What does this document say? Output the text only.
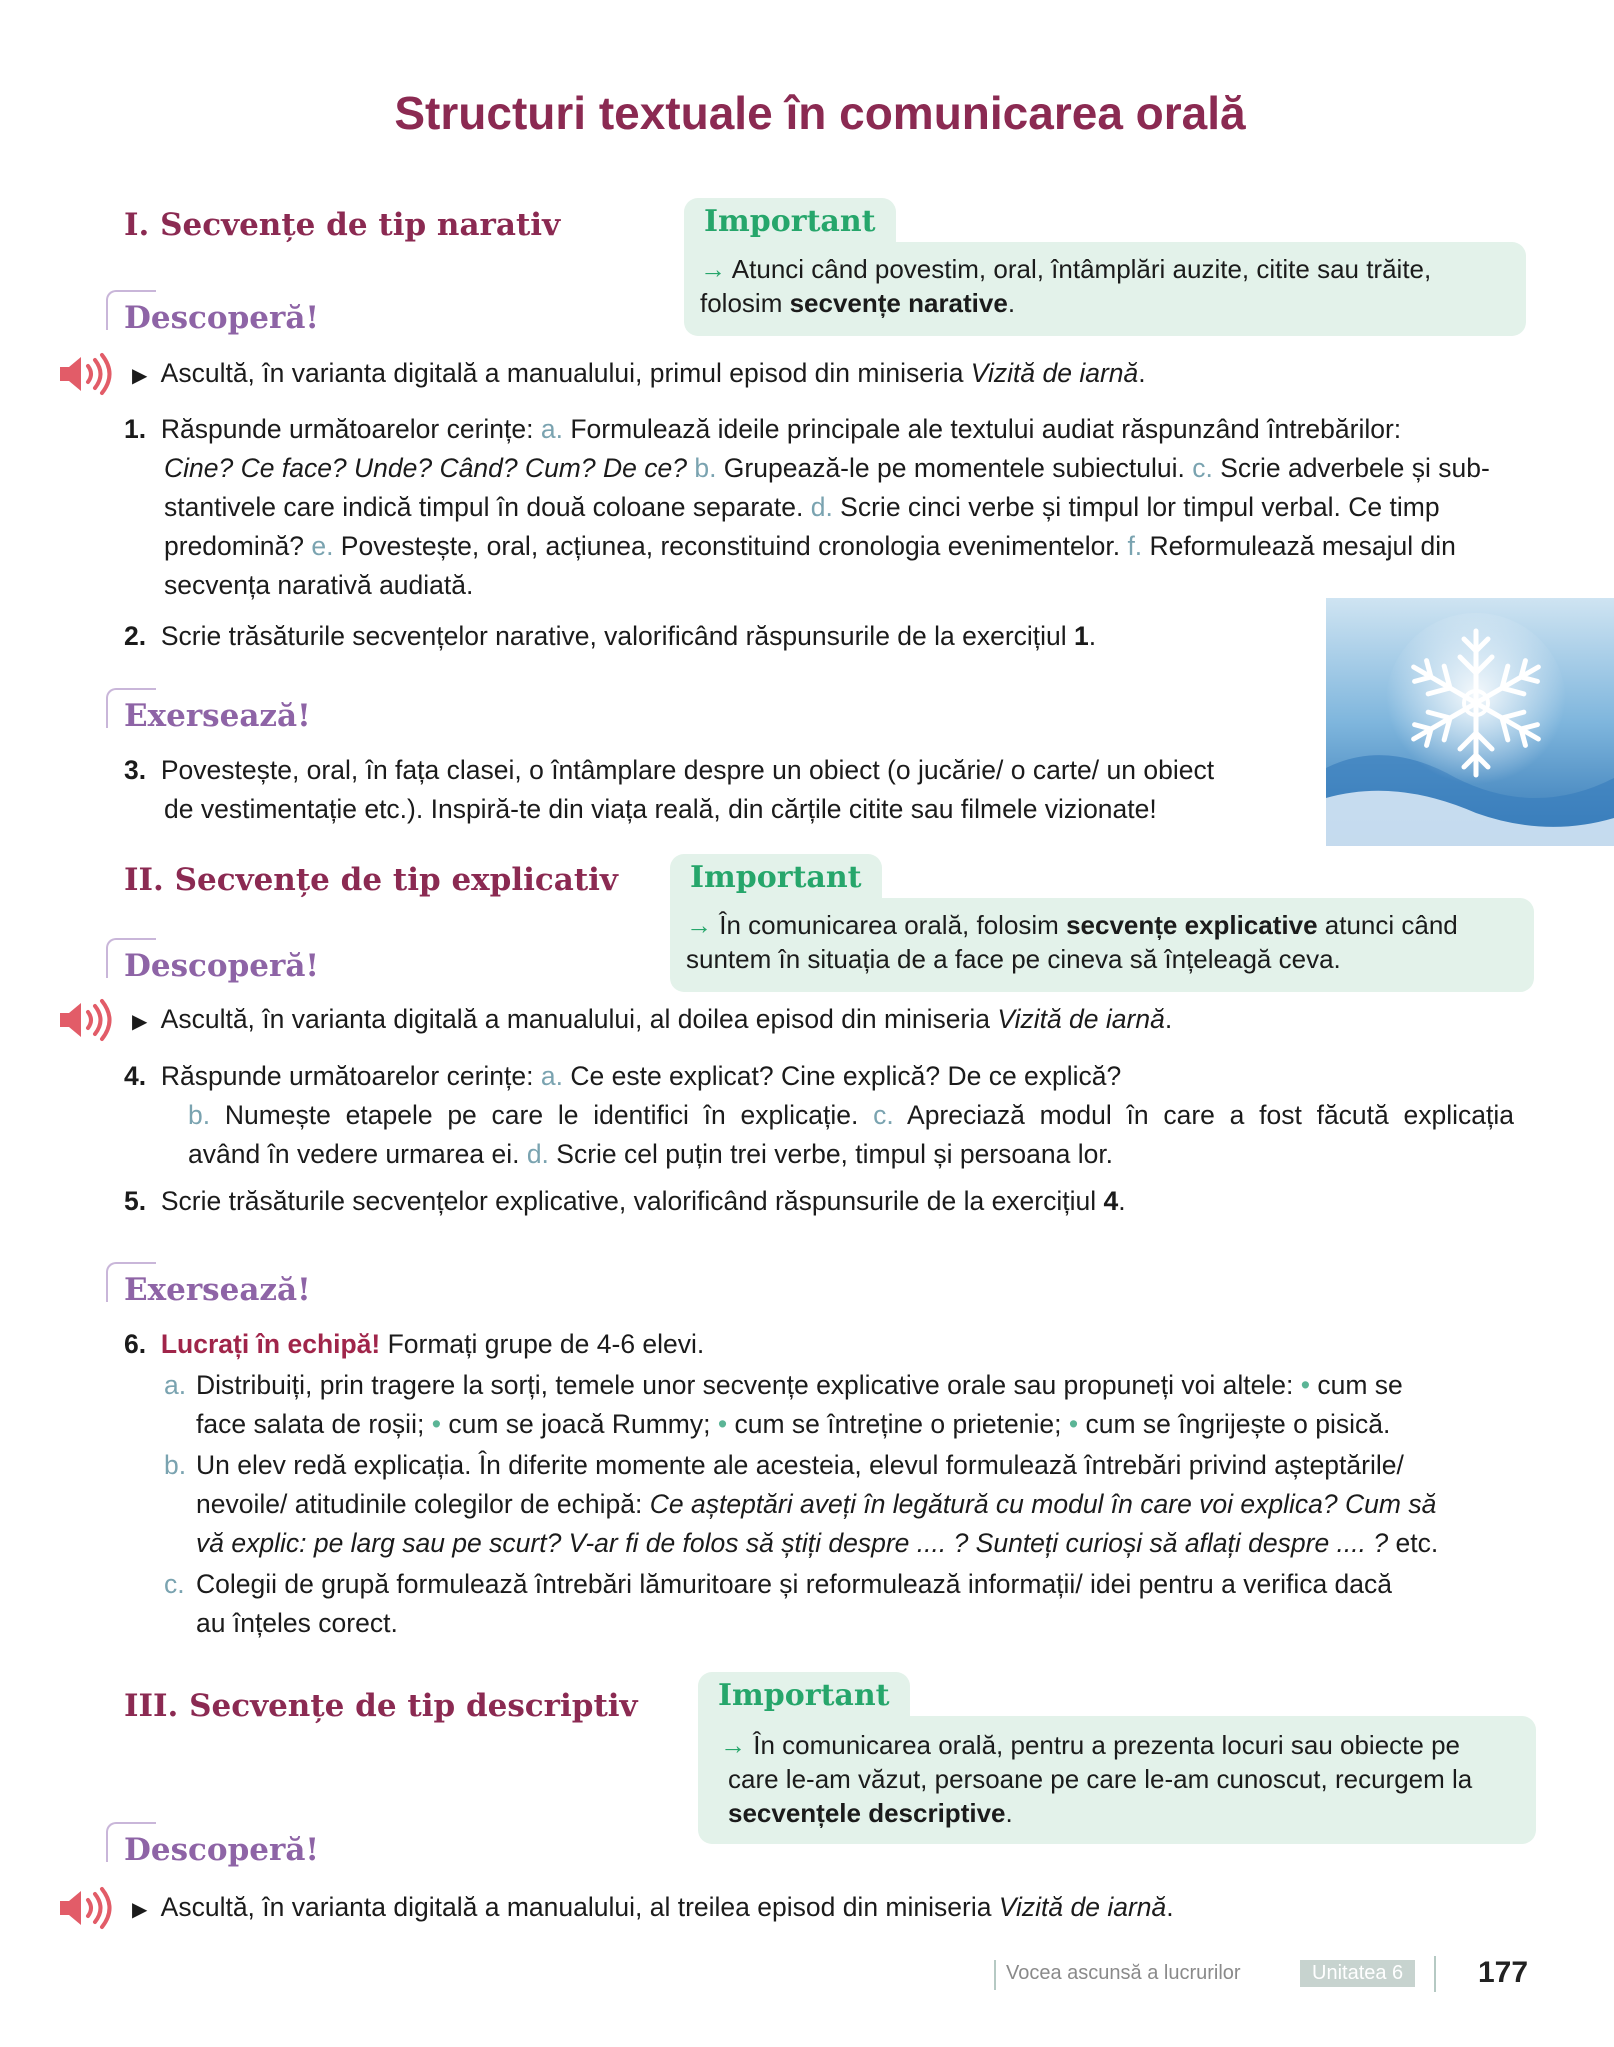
Structuri textuale în comunicarea orală
I. Secvențe de tip narativ	Important
→ Atunci când povestim, oral, întâmplări auzite, citite sau trăite, folosim secvențe narative.
Descoperă!
▶ Ascultă, în varianta digitală a manualului, primul episod din miniseria Vizită de iarnă.
1. Răspunde următoarelor cerințe: a. Formulează ideile principale ale textului audiat răspunzând întrebărilor:
Cine? Ce face? Unde? Când? Cum? De ce? b. Grupează-le pe momentele subiectului. c. Scrie adverbele și sub-
stantivele care indică timpul în două coloane separate. d. Scrie cinci verbe și timpul lor timpul verbal. Ce timp
predomină? e. Povestește, oral, acțiunea, reconstituind cronologia evenimentelor. f. Reformulează mesajul din
secvența narativă audiată.
2. Scrie trăsăturile secvențelor narative, valorificând răspunsurile de la exercițiul 1.
Exersează!
3. Povestește, oral, în fața clasei, o întâmplare despre un obiect (o jucărie/ o carte/ un obiect
de vestimentație etc.). Inspiră-te din viața reală, din cărțile citite sau filmele vizionate!
II. Secvențe de tip explicativ	Important
→ În comunicarea orală, folosim secvențe explicative atunci când suntem în situația de a face pe cineva să înțeleagă ceva.
Descoperă!
▶ Ascultă, în varianta digitală a manualului, al doilea episod din miniseria Vizită de iarnă.
4. Răspunde următoarelor cerințe: a. Ce este explicat? Cine explică? De ce explică?
b. Numește etapele pe care le identifici în explicație. c. Apreciază modul în care a fost făcută explicația
având în vedere urmarea ei. d. Scrie cel puțin trei verbe, timpul și persoana lor.
5. Scrie trăsăturile secvențelor explicative, valorificând răspunsurile de la exercițiul 4.
Exersează!
6. Lucrați în echipă! Formați grupe de 4-6 elevi.
a. Distribuiți, prin tragere la sorți, temele unor secvențe explicative orale sau propuneți voi altele: • cum se
face salata de roșii; • cum se joacă Rummy; • cum se întreține o prietenie; • cum se îngrijește o pisică.
b. Un elev redă explicația. În diferite momente ale acesteia, elevul formulează întrebări privind așteptările/
nevoile/ atitudinile colegilor de echipă: Ce așteptări aveți în legătură cu modul în care voi explica? Cum să
vă explic: pe larg sau pe scurt? V-ar fi de folos să știți despre .... ? Sunteți curioși să aflați despre .... ? etc.
c. Colegii de grupă formulează întrebări lămuritoare și reformulează informații/ idei pentru a verifica dacă
au înțeles corect.
III. Secvențe de tip descriptiv	Important
→ În comunicarea orală, pentru a prezenta locuri sau obiecte pe
care le-am văzut, persoane pe care le-am cunoscut, recurgem la
secvențele descriptive.
Descoperă!
▶ Ascultă, în varianta digitală a manualului, al treilea episod din miniseria Vizită de iarnă.
Vocea ascunsă a lucrurilor	Unitatea 6	177
